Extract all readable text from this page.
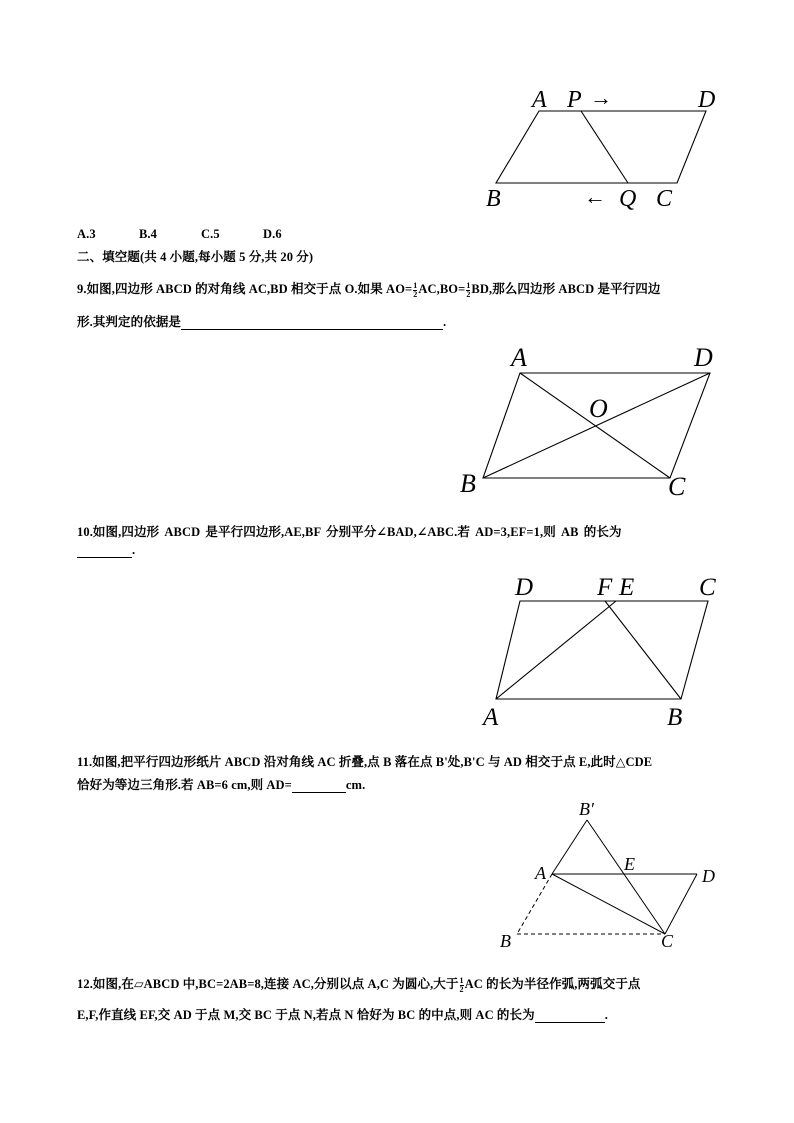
A P	D
B	Q C
→
←
A.3	B.4	C.5	D.6
二、填空题(共 4 小题,每小题 5 分,共 20 分)
9.如图,四边形 ABCD 的对角线 AC,BD 相交于点 O.如果 $AO= \frac{1}{2} AC,BO= \frac{1}{2}$ BD,那么四边形 ABCD 是平行四边
形.其判定的依据是	.
A	D
O
B	C
10.如图,四边形 ABCD 是平行四边形,AE,BF 分别平分∠BAD,∠ABC.若 AD=3,EF=1,则 AB 的长为
.
D	F E	C
A	B
11.如图,把平行四边形纸片 ABCD 沿对角线 AC 折叠,点 B 落在点 B'处,B'C 与 AD 相交于点 E,此时△CDE
恰好为等边三角形.若 AB=6 cm,则 AD=	cm.
B′
E
A	D
B	C
12.如图,在▱ABCD 中,BC=2AB=8,连接 AC,分别以点 A,C 为圆心,大于 $\frac{1}{2}$ AC 的长为半径作弧,两弧交于点
E,F,作直线 EF,交 AD 于点 M,交 BC 于点 N,若点 N 恰好为 BC 的中点,则 AC 的长为	.
